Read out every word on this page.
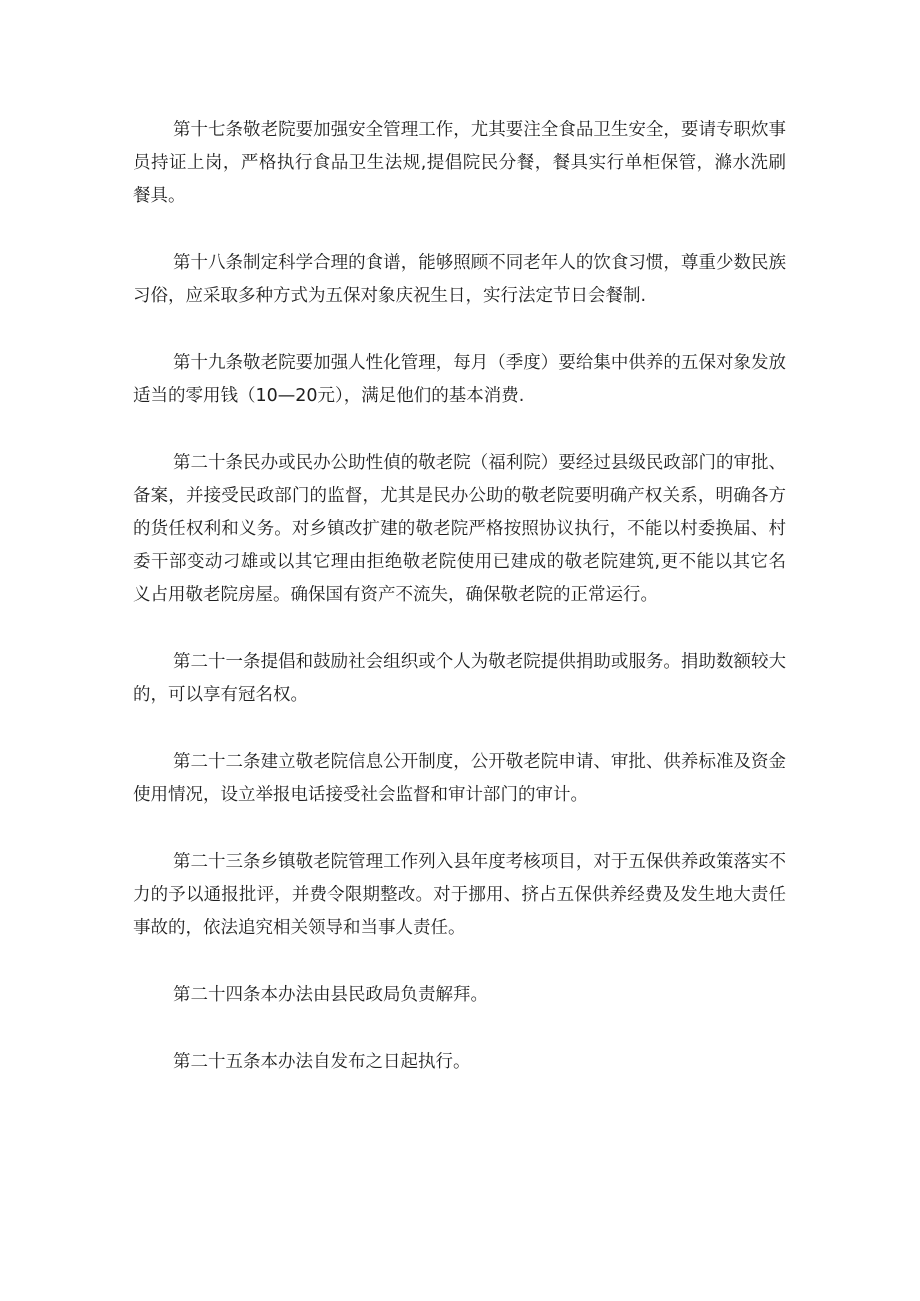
第十七条敬老院要加强安全管理工作，尤其要注全食品卫生安全，要请专职炊事员持证上岗，严格执行食品卫生法规,提倡院民分餐，餐具实行单柜保管，滌水洗刷餐具。

第十八条制定科学合理的食谱，能够照顾不同老年人的饮食习惯，尊重少数民族习俗，应采取多种方式为五保对象庆祝生日，实行法定节日会餐制.

第十九条敬老院要加强人性化管理，每月（季度）要给集中供养的五保对象发放适当的零用钱（10—20元），满足他们的基本消费.

第二十条民办或民办公助性偵的敬老院（福利院）要经过县级民政部门的审批、备案，并接受民政部门的监督，尤其是民办公助的敬老院要明确产权关系，明确各方的货任权利和义务。对乡镇改扩建的敬老院严格按照协议执行，不能以村委换届、村委干部变动刁雄或以其它理由拒绝敬老院使用已建成的敬老院建筑,更不能以其它名义占用敬老院房屋。确保国有资产不流失，确保敬老院的正常运行。

第二十一条提倡和鼓励社会组织或个人为敬老院提供捐助或服务。捐助数额较大的，可以享有冠名权。

第二十二条建立敬老院信息公开制度，公开敬老院申请、审批、供养标准及资金使用情况，设立举报电话接受社会监督和审计部门的审计。

第二十三条乡镇敬老院管理工作列入县年度考核项目，对于五保供养政策落实不力的予以通报批评，并费令限期整改。对于挪用、挤占五保供养经费及发生地大责任事故的，依法追究相关领导和当事人责任。

第二十四条本办法由县民政局负责解拜。

第二十五条本办法自发布之日起执行。
